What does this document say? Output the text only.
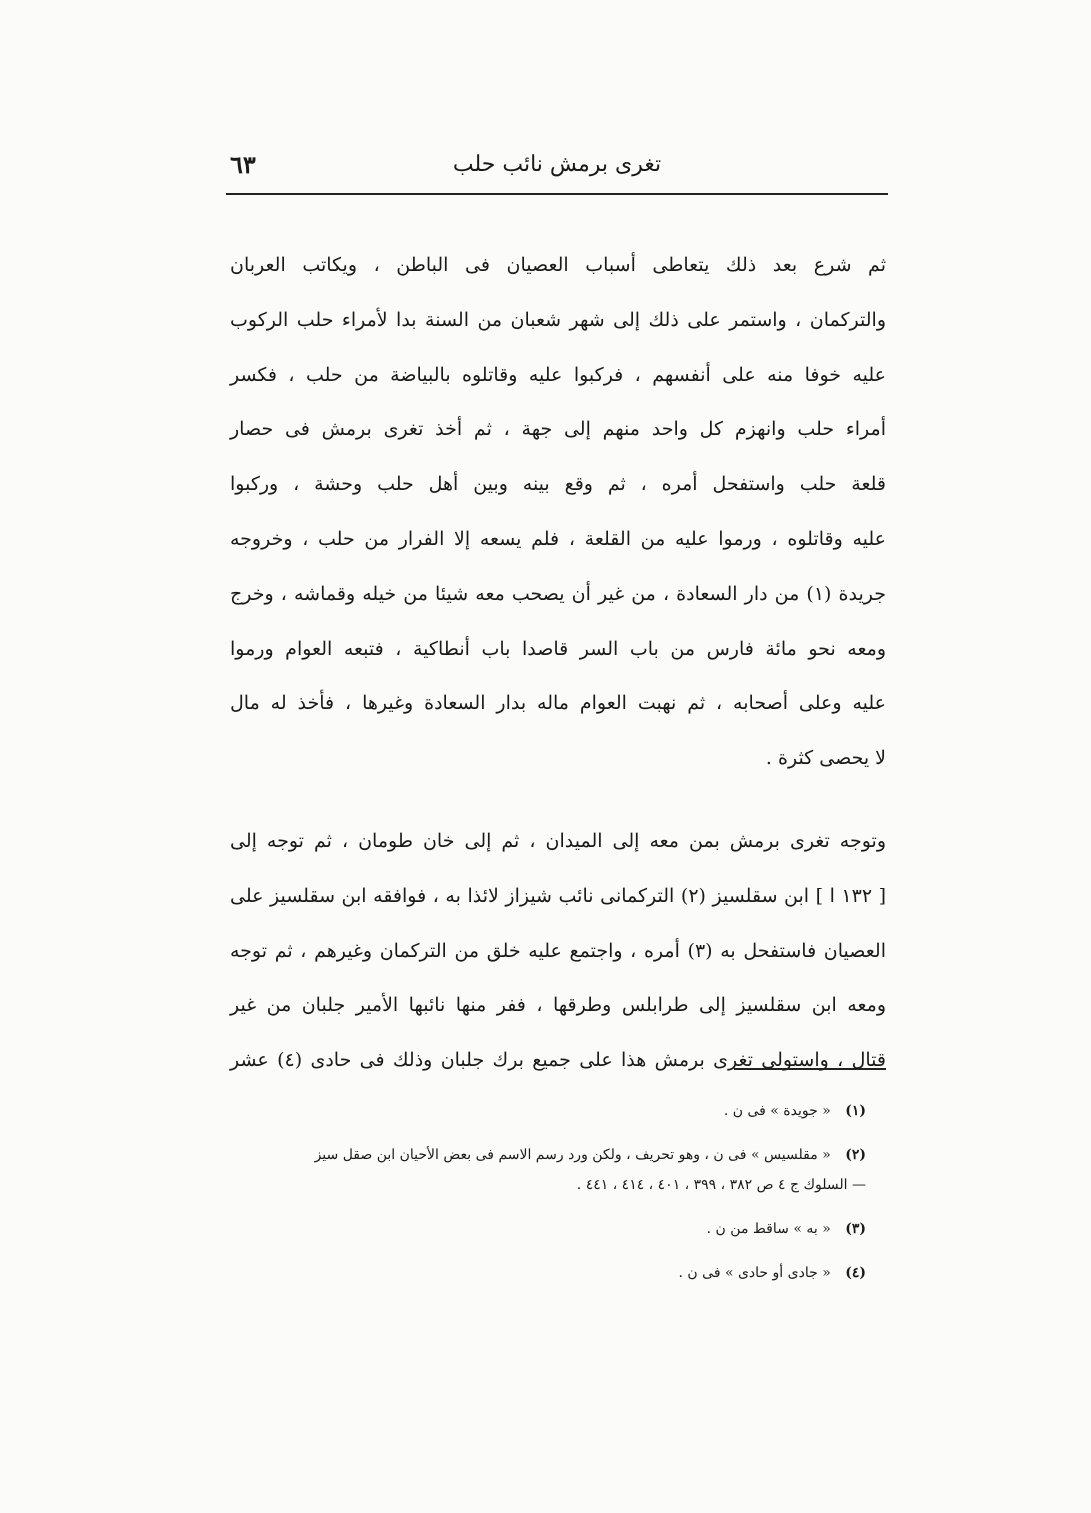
٦٣	تغرى برمش نائب حلب
ثم شرع بعد ذلك يتعاطى أسباب العصيان فى الباطن ، ويكاتب العربان
والتركمان ، واستمر على ذلك إلى شهر شعبان من السنة بدا لأمراء حلب الركوب
عليه خوفا منه على أنفسهم ، فركبوا عليه وقاتلوه بالبياضة من حلب ، فكسر
أمراء حلب وانهزم كل واحد منهم إلى جهة ، ثم أخذ تغرى برمش فى حصار
قلعة حلب واستفحل أمره ، ثم وقع بينه وبين أهل حلب وحشة ، وركبوا
عليه وقاتلوه ، ورموا عليه من القلعة ، فلم يسعه إلا الفرار من حلب ، وخروجه
جريدة (١) من دار السعادة ، من غير أن يصحب معه شيئا من خيله وقماشه ، وخرج
ومعه نحو مائة فارس من باب السر قاصدا باب أنطاكية ، فتبعه العوام ورموا
عليه وعلى أصحابه ، ثم نهبت العوام ماله بدار السعادة وغيرها ، فأخذ له مال
لا يحصى كثرة .
وتوجه تغرى برمش بمن معه إلى الميدان ، ثم إلى خان طومان ، ثم توجه إلى
[ ١٣٢ ا ] ابن سقلسيز (٢) التركمانى نائب شيزاز لائذا به ، فوافقه ابن سقلسيز على
العصيان فاستفحل به (٣) أمره ، واجتمع عليه خلق من التركمان وغيرهم ، ثم توجه
ومعه ابن سقلسيز إلى طرابلس وطرقها ، ففر منها نائبها الأمير جلبان من غير
قتال ، واستولى تغرى برمش هذا على جميع برك جلبان وذلك فى حادى (٤) عشر
(١) « جويدة » فى ن .
(٢) « مقلسيس » فى ن ، وهو تحريف ، ولكن ورد رسم الاسم فى بعض الأحيان ابن صقل سيز
— السلوك ج ٤ ص ٣٨٢ ، ٣٩٩ ، ٤٠١ ، ٤١٤ ، ٤٤١ .
(٣) « به » ساقط من ن .
(٤) « جادى أو حادى » فى ن .
